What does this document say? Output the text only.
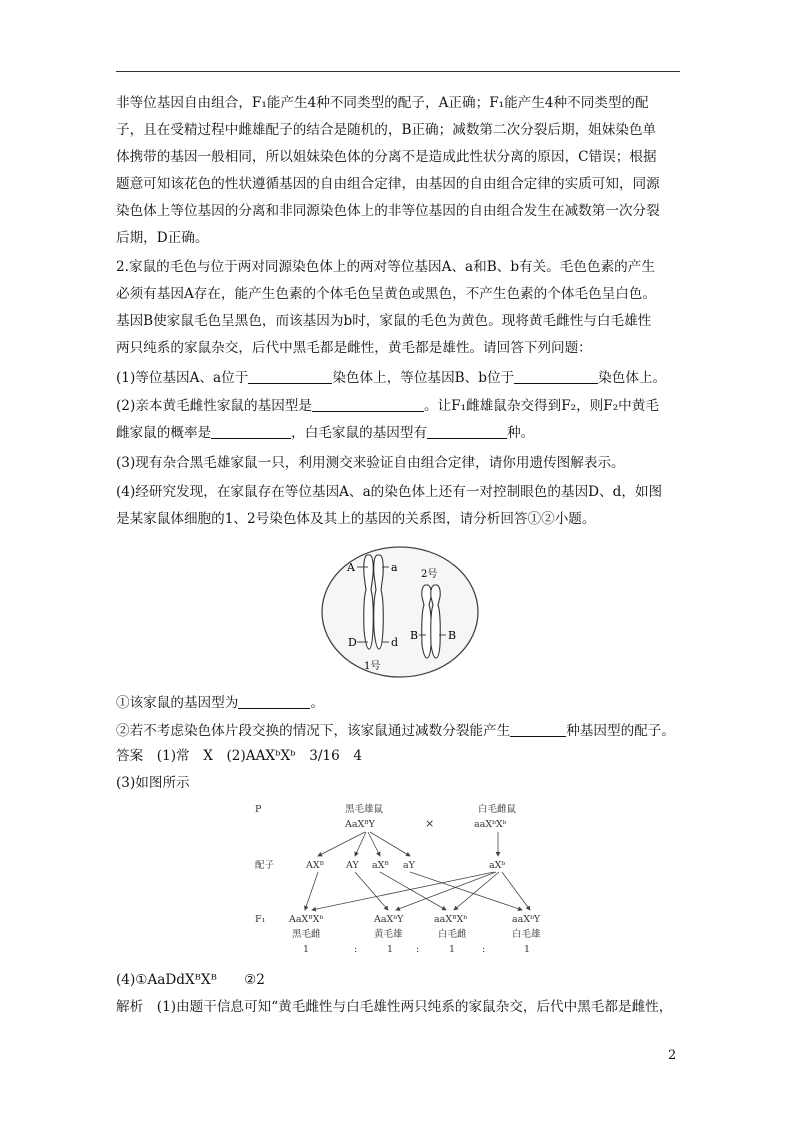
非等位基因自由组合，F₁能产生4种不同类型的配子，A正确；F₁能产生4种不同类型的配

子，且在受精过程中雌雄配子的结合是随机的，B正确；减数第二次分裂后期，姐妹染色单

体携带的基因一般相同，所以姐妹染色体的分离不是造成此性状分离的原因，C错误；根据

题意可知该花色的性状遵循基因的自由组合定律，由基因的自由组合定律的实质可知，同源

染色体上等位基因的分离和非同源染色体上的非等位基因的自由组合发生在减数第一次分裂

后期，D正确。

2.家鼠的毛色与位于两对同源染色体上的两对等位基因A、a和B、b有关。毛色色素的产生

必须有基因A存在，能产生色素的个体毛色呈黄色或黑色，不产生色素的个体毛色呈白色。

基因B使家鼠毛色呈黑色，而该基因为b时，家鼠的毛色为黄色。现将黄毛雌性与白毛雄性

两只纯系的家鼠杂交，后代中黑毛都是雌性，黄毛都是雄性。请回答下列问题：

(1)等位基因A、a位于	染色体上，等位基因B、b位于	染色体上。

(2)亲本黄毛雌性家鼠的基因型是	。让F₁雌雄鼠杂交得到F₂，则F₂中黄毛

雌家鼠的概率是	，白毛家鼠的基因型有	种。

(3)现有杂合黑毛雄家鼠一只，利用测交来验证自由组合定律，请你用遗传图解表示。

(4)经研究发现，在家鼠存在等位基因A、a的染色体上还有一对控制眼色的基因D、d，如图

是某家鼠体细胞的1、2号染色体及其上的基因的关系图，请分析回答①②小题。

A	a
D	d
1号
2号
B	B

①该家鼠的基因型为	。

②若不考虑染色体片段交换的情况下，该家鼠通过减数分裂能产生	种基因型的配子。

答案　(1)常　X　(2)AAXᵇXᵇ　3/16　4

(3)如图所示

P
配子
F₁
黑毛雄鼠
AaXᴮY	×
白毛雌鼠
aaXᵇXᵇ
AXᴮ AY aXᴮ aY	aXᵇ
AaXᴮXᵇ
黑毛雌
1
AaXᵇY
黄毛雄
1
aaXᴮXᵇ
白毛雌
1
aaXᵇY
白毛雄
1
:	:	:

(4)①AaDdXᴮXᴮ　　②2

解析　(1)由题干信息可知“黄毛雌性与白毛雄性两只纯系的家鼠杂交，后代中黑毛都是雌性，

2
